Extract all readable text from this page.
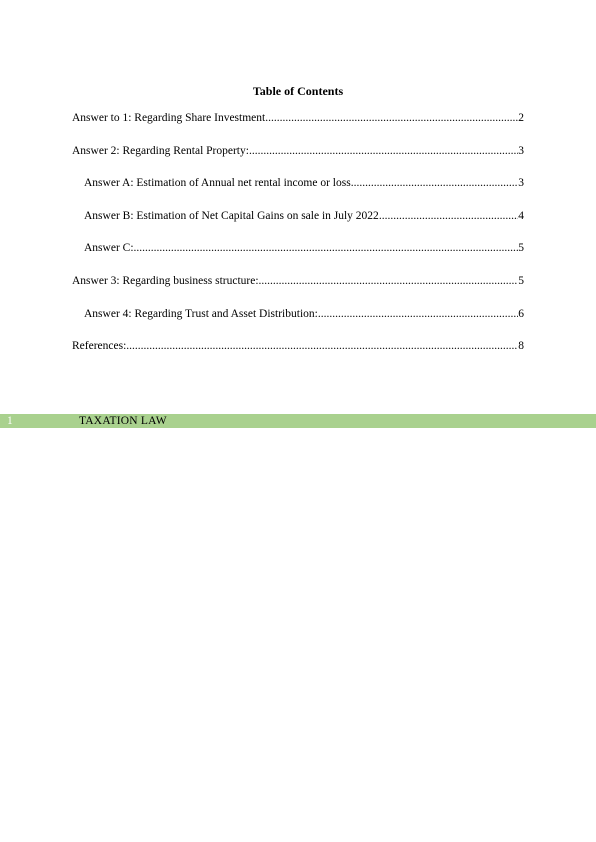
Table of Contents
Answer to 1: Regarding Share Investment .....	2
Answer 2: Regarding Rental Property: .....	3
Answer A: Estimation of Annual net rental income or loss .....	3
Answer B: Estimation of Net Capital Gains on sale in July 2022 .....	4
Answer C: .....	5
Answer 3: Regarding business structure: .....	5
Answer 4: Regarding Trust and Asset Distribution: .....	6
References: .....	8
1	TAXATION LAW
